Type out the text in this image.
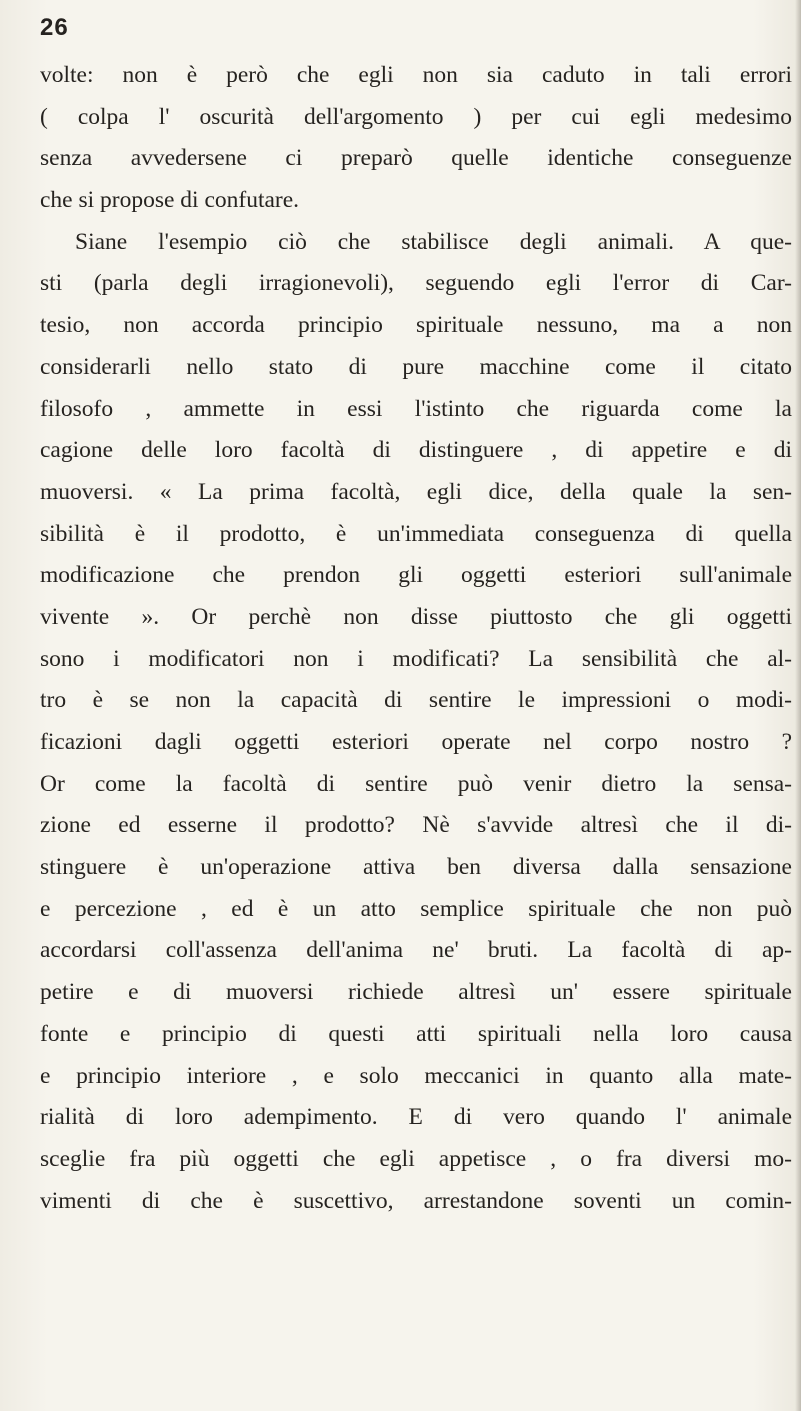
26
volte: non è però che egli non sia caduto in tali errori
( colpa l' oscurità dell'argomento ) per cui egli medesimo
senza avvedersene ci preparò quelle identiche conseguenze
che si propose di confutare.
Siane l'esempio ciò che stabilisce degli animali. A que-
sti (parla degli irragionevoli), seguendo egli l'error di Car-
tesio, non accorda principio spirituale nessuno, ma a non
considerarli nello stato di pure macchine come il citato
filosofo , ammette in essi l'istinto che riguarda come la
cagione delle loro facoltà di distinguere , di appetire e di
muoversi. « La prima facoltà, egli dice, della quale la sen-
sibilità è il prodotto, è un'immediata conseguenza di quella
modificazione che prendon gli oggetti esteriori sull'animale
vivente ». Or perchè non disse piuttosto che gli oggetti
sono i modificatori non i modificati? La sensibilità che al-
tro è se non la capacità di sentire le impressioni o modi-
ficazioni dagli oggetti esteriori operate nel corpo nostro ?
Or come la facoltà di sentire può venir dietro la sensa-
zione ed esserne il prodotto? Nè s'avvide altresì che il di-
stinguere è un'operazione attiva ben diversa dalla sensazione
e percezione , ed è un atto semplice spirituale che non può
accordarsi coll'assenza dell'anima ne' bruti. La facoltà di ap-
petire e di muoversi richiede altresì un' essere spirituale
fonte e principio di questi atti spirituali nella loro causa
e principio interiore , e solo meccanici in quanto alla mate-
rialità di loro adempimento. E di vero quando l' animale
sceglie fra più oggetti che egli appetisce , o fra diversi mo-
vimenti di che è suscettivo, arrestandone soventi un comin-
